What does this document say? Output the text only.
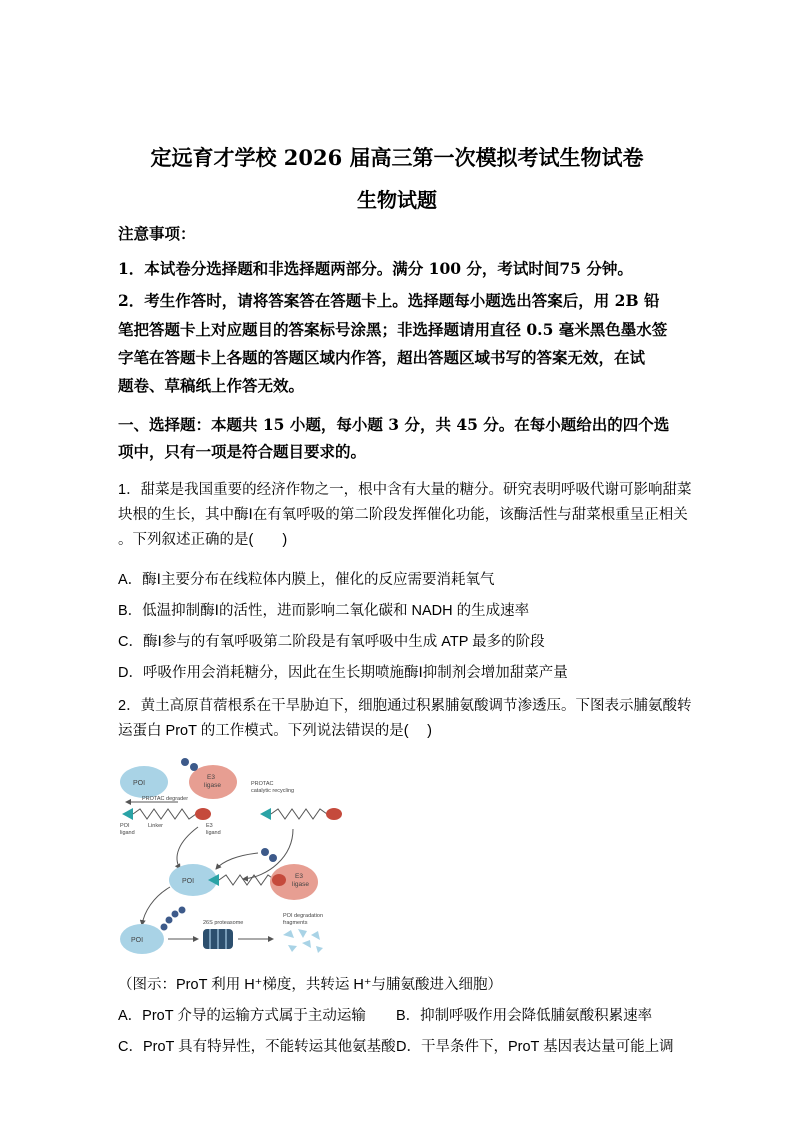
定远育才学校 2026 届高三第一次模拟考试生物试卷
生物试题
注意事项：
1．本试卷分选择题和非选择题两部分。满分 100 分，考试时间75 分钟。
2．考生作答时，请将答案答在答题卡上。选择题每小题选出答案后，用 2B 铅
笔把答题卡上对应题目的答案标号涂黑；非选择题请用直径 0.5 毫米黑色墨水签
字笔在答题卡上各题的答题区域内作答，超出答题区域书写的答案无效，在试
题卷、草稿纸上作答无效。
一、选择题：本题共 15 小题，每小题 3 分，共 45 分。在每小题给出的四个选
项中，只有一项是符合题目要求的。
1．甜菜是我国重要的经济作物之一，根中含有大量的糖分。研究表明呼吸代谢可影响甜菜
块根的生长，其中酶Ⅰ在有氧呼吸的第二阶段发挥催化功能，该酶活性与甜菜根重呈正相关
。下列叙述正确的是(　　)
A．酶Ⅰ主要分布在线粒体内膜上，催化的反应需要消耗氧气
B．低温抑制酶Ⅰ的活性，进而影响二氧化碳和 NADH 的生成速率
C．酶Ⅰ参与的有氧呼吸第二阶段是有氧呼吸中生成 ATP 最多的阶段
D．呼吸作用会消耗糖分，因此在生长期喷施酶Ⅰ抑制剂会增加甜菜产量
2．黄土高原苜蓿根系在干旱胁迫下，细胞通过积累脯氨酸调节渗透压。下图表示脯氨酸转
运蛋白 ProT 的工作模式。下列说法错误的是(　 )
POI
E3
ligase	PROTAC
catalytic recycling
PROTAC degrader
POI
ligand
Linker	E3
ligand
POI
E3
ligase
POI
26S proteasome
POI degradation
fragments
（图示：ProT 利用 H⁺梯度，共转运 H⁺与脯氨酸进入细胞）
A．ProT 介导的运输方式属于主动运输 B．抑制呼吸作用会降低脯氨酸积累速率
C．ProT 具有特异性，不能转运其他氨基酸 D．干旱条件下，ProT 基因表达量可能上调
